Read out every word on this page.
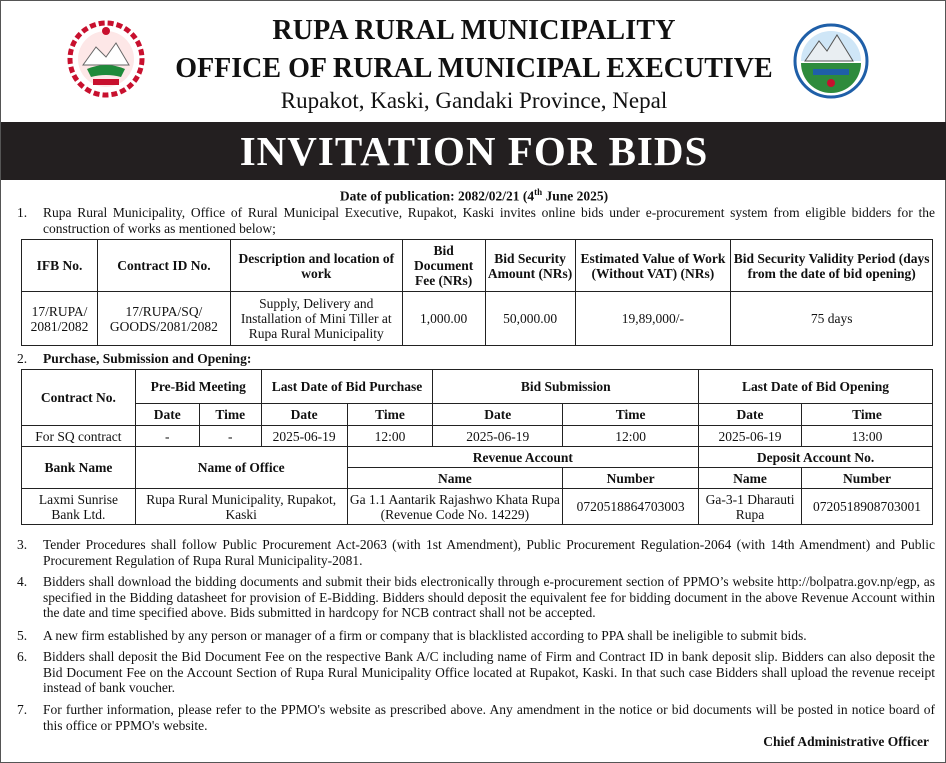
RUPA RURAL MUNICIPALITY
OFFICE OF RURAL MUNICIPAL EXECUTIVE
Rupakot, Kaski, Gandaki Province, Nepal
INVITATION FOR BIDS
Date of publication: 2082/02/21 (4th June 2025)
1.	Rupa Rural Municipality, Office of Rural Municipal Executive, Rupakot, Kaski invites online bids under e-procurement system from eligible bidders for the construction of works as mentioned below;
IFB No.	Contract ID No.	Description and location of work	Bid Document Fee (NRs)	Bid Security Amount (NRs)	Estimated Value of Work (Without VAT) (NRs)	Bid Security Validity Period (days from the date of bid opening)
17/RUPA/ 2081/2082	17/RUPA/SQ/ GOODS/2081/2082	Supply, Delivery and Installation of Mini Tiller at Rupa Rural Municipality	1,000.00	50,000.00	19,89,000/-	75 days
2.	Purchase, Submission and Opening:
Contract No.	Pre-Bid Meeting		Last Date of Bid Purchase		Bid Submission		Last Date of Bid Opening	
	Date	Time	Date	Time	Date	Time	Date	Time
For SQ contract	-	-	2025-06-19	12:00	2025-06-19	12:00	2025-06-19	13:00
Bank Name	Name of Office			Revenue Account			Deposit Account No.	
				Name		Number	Name	Number
Laxmi Sunrise Bank Ltd.	Rupa Rural Municipality, Rupakot, Kaski			Ga 1.1 Aantarik Rajashwo Khata Rupa (Revenue Code No. 14229)		0720518864703003	Ga-3-1 Dharauti Rupa	0720518908703001
3.	Tender Procedures shall follow Public Procurement Act-2063 (with 1st Amendment), Public Procurement Regulation-2064 (with 14th Amendment) and Public Procurement Regulation of Rupa Rural Municipality-2081.
4.	Bidders shall download the bidding documents and submit their bids electronically through e-procurement section of PPMO’s website http://bolpatra.gov.np/egp, as specified in the Bidding datasheet for provision of E-Bidding. Bidders should deposit the equivalent fee for bidding document in the above Revenue Account within the date and time specified above. Bids submitted in hardcopy for NCB contract shall not be accepted.
5.	A new firm established by any person or manager of a firm or company that is blacklisted according to PPA shall be ineligible to submit bids.
6.	Bidders shall deposit the Bid Document Fee on the respective Bank A/C including name of Firm and Contract ID in bank deposit slip. Bidders can also deposit the Bid Document Fee on the Account Section of Rupa Rural Municipality Office located at Rupakot, Kaski. In that such case Bidders shall upload the revenue receipt instead of bank voucher.
7.	For further information, please refer to the PPMO's website as prescribed above. Any amendment in the notice or bid documents will be posted in notice board of this office or PPMO's website.
Chief Administrative Officer
